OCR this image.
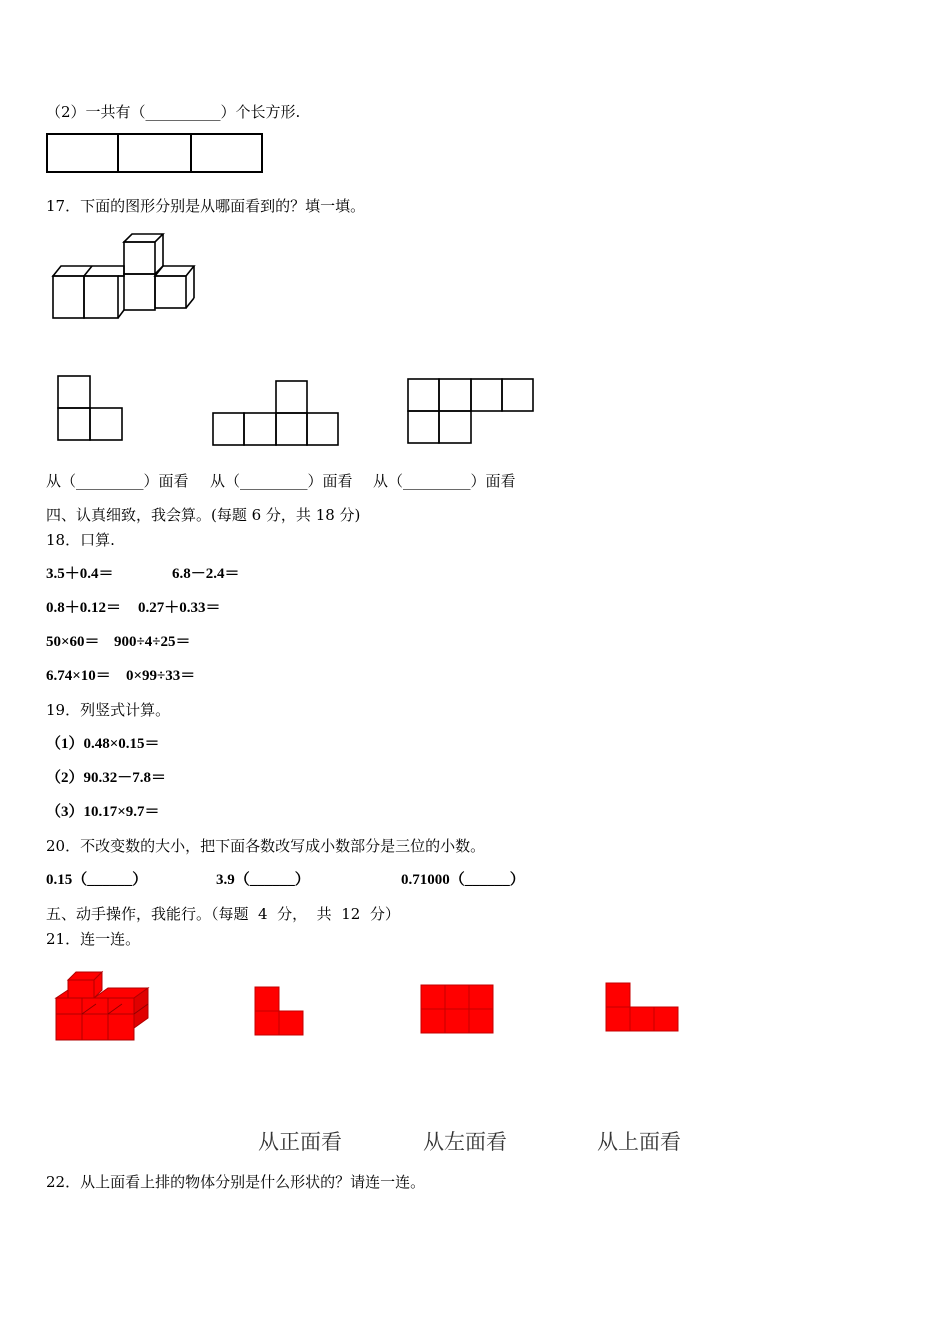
（2）一共有（__________）个长方形.
17．下面的图形分别是从哪面看到的？填一填。
从（_________）面看 从（_________）面看 从（_________）面看
四、认真细致，我会算。(每题 6 分，共 18 分)
18．口算.
3.5＋0.4＝	6.8－2.4＝
0.8＋0.12＝ 0.27＋0.33＝
50×60＝ 900÷4÷25＝
6.74×10＝ 0×99÷33＝
19．列竖式计算。
（1）0.48×0.15＝
（2）90.32－7.8＝
（3）10.17×9.7＝
20．不改变数的大小，把下面各数改写成小数部分是三位的小数。
0.15（______）	3.9（______）	0.71000（______）
五、动手操作，我能行。（每题  4  分，  共  12  分）
21．连一连。
从正面看	从左面看	从上面看
22．从上面看上排的物体分别是什么形状的？请连一连。
